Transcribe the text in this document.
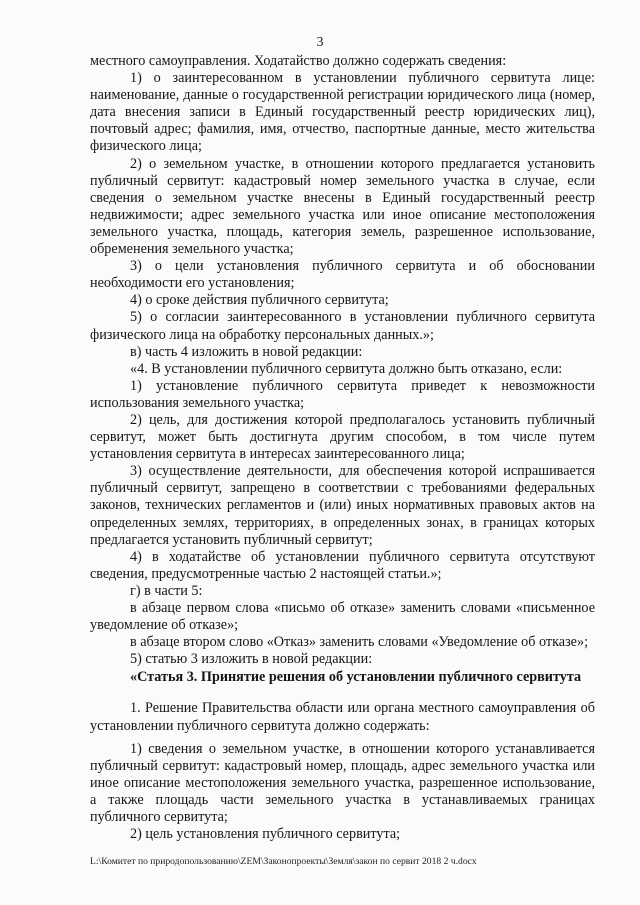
3

местного самоуправления. Ходатайство должно содержать сведения:

1) о заинтересованном в установлении публичного сервитута лице: наименование, данные о государственной регистрации юридического лица (номер, дата внесения записи в Единый государственный реестр юридических лиц), почтовый адрес; фамилия, имя, отчество, паспортные данные, место жительства физического лица;

2) о земельном участке, в отношении которого предлагается установить публичный сервитут: кадастровый номер земельного участка в случае, если сведения о земельном участке внесены в Единый государственный реестр недвижимости; адрес земельного участка или иное описание местоположения земельного участка, площадь, категория земель, разрешенное использование, обременения земельного участка;

3) о цели установления публичного сервитута и об обосновании необходимости его установления;

4) о сроке действия публичного сервитута;

5) о согласии заинтересованного в установлении публичного сервитута физического лица на обработку персональных данных.»;

в) часть 4 изложить в новой редакции:

«4. В установлении публичного сервитута должно быть отказано, если:

1) установление публичного сервитута приведет к невозможности использования земельного участка;

2) цель, для достижения которой предполагалось установить публичный сервитут, может быть достигнута другим способом, в том числе путем установления сервитута в интересах заинтересованного лица;

3) осуществление деятельности, для обеспечения которой испрашивается публичный сервитут, запрещено в соответствии с требованиями федеральных законов, технических регламентов и (или) иных нормативных правовых актов на определенных землях, территориях, в определенных зонах, в границах которых предлагается установить публичный сервитут;

4) в ходатайстве об установлении публичного сервитута отсутствуют сведения, предусмотренные частью 2 настоящей статьи.»;

г) в части 5:

в абзаце первом слова «письмо об отказе» заменить словами «письменное уведомление об отказе»;

в абзаце втором слово «Отказ» заменить словами «Уведомление об отказе»;

5) статью 3 изложить в новой редакции:

«Статья 3. Принятие решения об установлении публичного сервитута

1. Решение Правительства области или органа местного самоуправления об установлении публичного сервитута должно содержать:

1) сведения о земельном участке, в отношении которого устанавливается публичный сервитут: кадастровый номер, площадь, адрес земельного участка или иное описание местоположения земельного участка, разрешенное использование, а также площадь части земельного участка в устанавливаемых границах публичного сервитута;

2) цель установления публичного сервитута;

L:\Комитет по природопользованию\ZEM\Законопроекты\Земля\закон по сервит 2018 2 ч.docx
